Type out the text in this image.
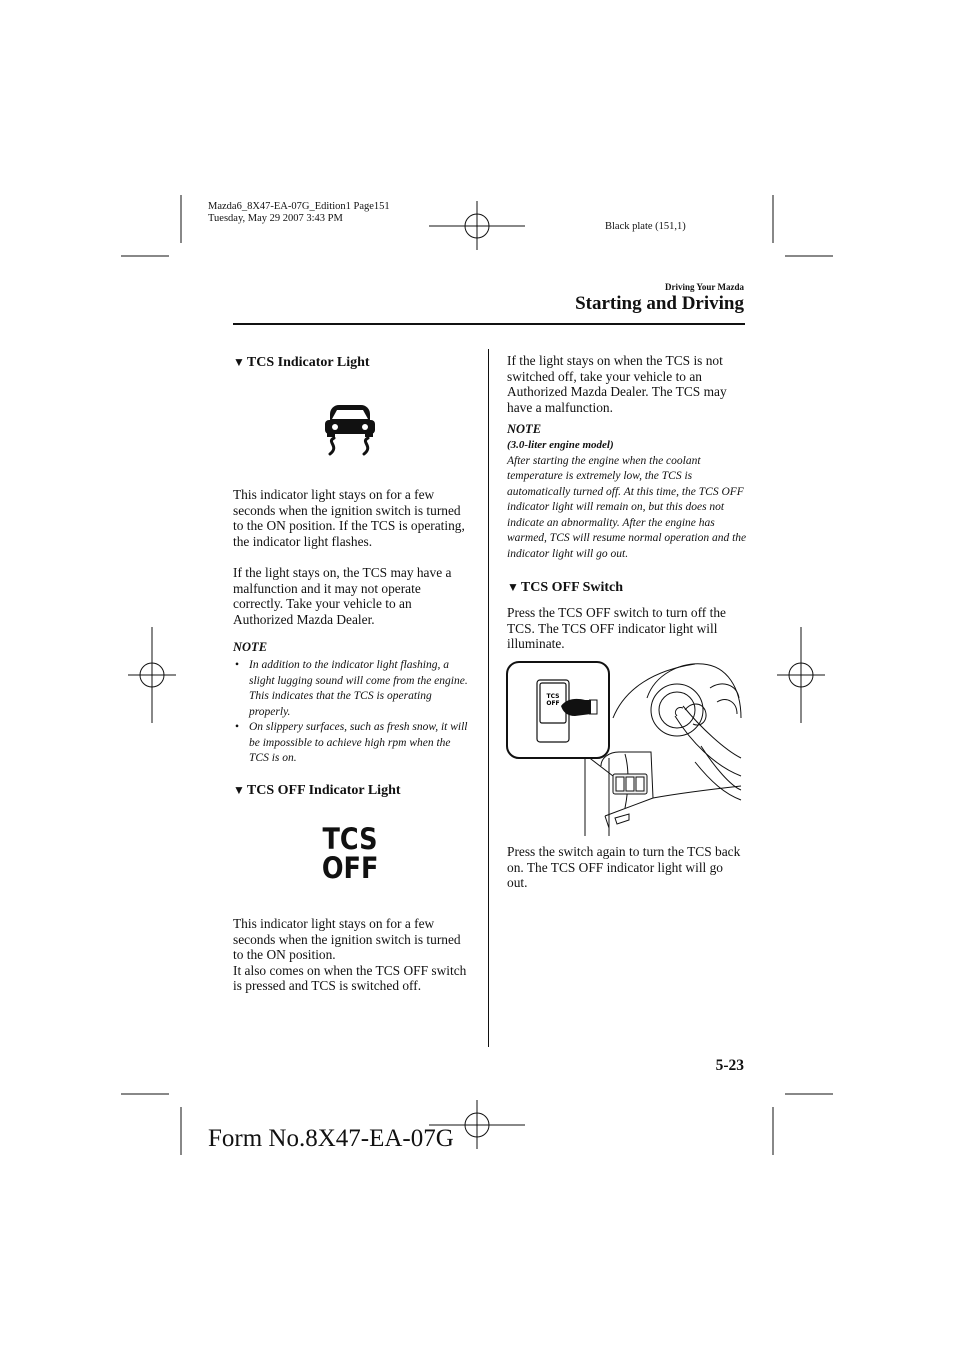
Mazda6_8X47-EA-07G_Edition1 Page151
Tuesday, May 29 2007 3:43 PM
Black plate (151,1)
Driving Your Mazda
Starting and Driving
▼ TCS Indicator Light

This indicator light stays on for a few seconds when the ignition switch is turned to the ON position. If the TCS is operating, the indicator light flashes.

If the light stays on, the TCS may have a malfunction and it may not operate correctly. Take your vehicle to an Authorized Mazda Dealer.

NOTE
• In addition to the indicator light flashing, a slight lugging sound will come from the engine. This indicates that the TCS is operating properly.
• On slippery surfaces, such as fresh snow, it will be impossible to achieve high rpm when the TCS is on.
▼ TCS OFF Indicator Light
TCS
OFF

This indicator light stays on for a few seconds when the ignition switch is turned to the ON position.

It also comes on when the TCS OFF switch is pressed and TCS is switched off.

If the light stays on when the TCS is not switched off, take your vehicle to an Authorized Mazda Dealer. The TCS may have a malfunction.

NOTE
(3.0-liter engine model)
After starting the engine when the coolant temperature is extremely low, the TCS is automatically turned off. At this time, the TCS OFF indicator light will remain on, but this does not indicate an abnormality. After the engine has warmed, TCS will resume normal operation and the indicator light will go out.
▼ TCS OFF Switch

Press the TCS OFF switch to turn off the TCS. The TCS OFF indicator light will illuminate.

TCS
OFF

Press the switch again to turn the TCS back on. The TCS OFF indicator light will go out.

5-23
Form No.8X47-EA-07G
